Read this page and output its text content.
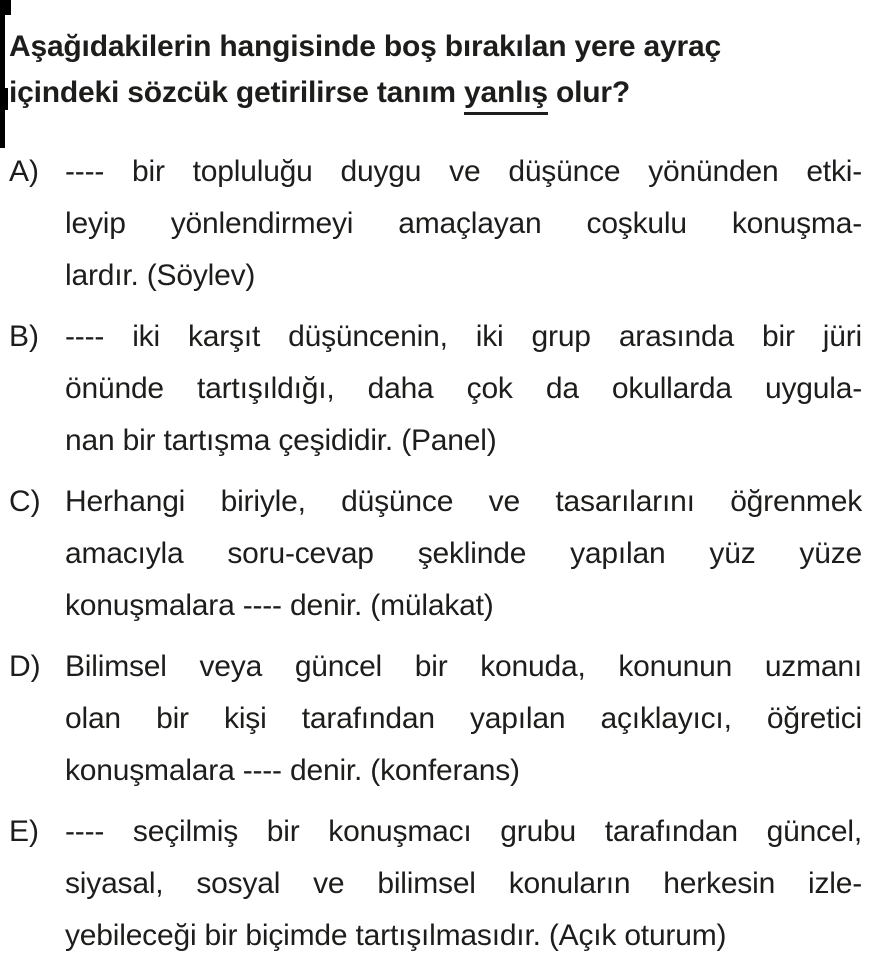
Aşağıdakilerin hangisinde boş bırakılan yere ayraç
içindeki sözcük getirilirse tanım yanlış olur?
A) ---- bir topluluğu duygu ve düşünce yönünden etki-
leyip yönlendirmeyi amaçlayan coşkulu konuşma-
lardır. (Söylev)
B) ---- iki karşıt düşüncenin, iki grup arasında bir jüri
önünde tartışıldığı, daha çok da okullarda uygula-
nan bir tartışma çeşididir. (Panel)
C) Herhangi biriyle, düşünce ve tasarılarını öğrenmek
amacıyla soru-cevap şeklinde yapılan yüz yüze
konuşmalara ---- denir. (mülakat)
D) Bilimsel veya güncel bir konuda, konunun uzmanı
olan bir kişi tarafından yapılan açıklayıcı, öğretici
konuşmalara ---- denir. (konferans)
E) ---- seçilmiş bir konuşmacı grubu tarafından güncel,
siyasal, sosyal ve bilimsel konuların herkesin izle-
yebileceği bir biçimde tartışılmasıdır. (Açık oturum)
